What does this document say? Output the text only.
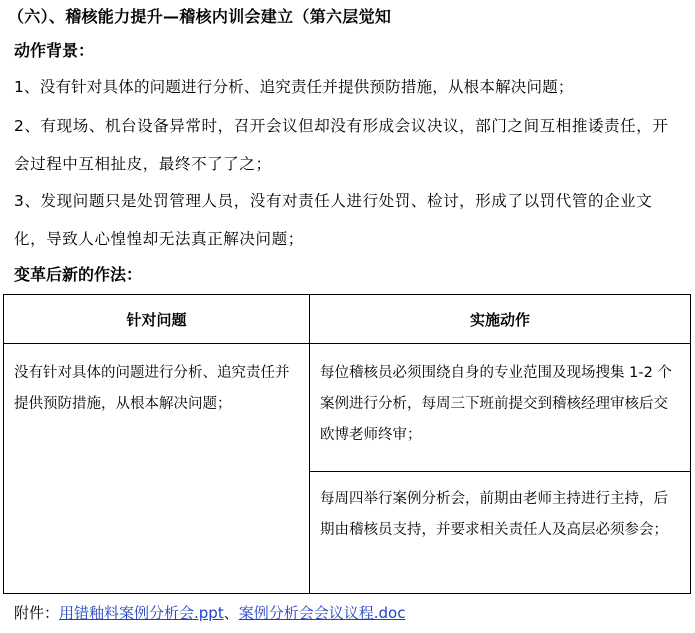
（六）、稽核能力提升—稽核内训会建立（第六层觉知
动作背景：
1、没有针对具体的问题进行分析、追究责任并提供预防措施，从根本解决问题；
2、有现场、机台设备异常时，召开会议但却没有形成会议决议，部门之间互相推诿责任，开会过程中互相扯皮，最终不了了之；
3、发现问题只是处罚管理人员，没有对责任人进行处罚、检讨，形成了以罚代管的企业文化，导致人心惶惶却无法真正解决问题；
变革后新的作法：
针对问题	实施动作
没有针对具体的问题进行分析、追究责任并提供预防措施，从根本解决问题；	每位稽核员必须围绕自身的专业范围及现场搜集 1-2 个案例进行分析，每周三下班前提交到稽核经理审核后交欧博老师终审；
	每周四举行案例分析会，前期由老师主持进行主持，后期由稽核员支持，并要求相关责任人及高层必须参会；
附件：用错釉料案例分析会.ppt、案例分析会会议议程.doc
